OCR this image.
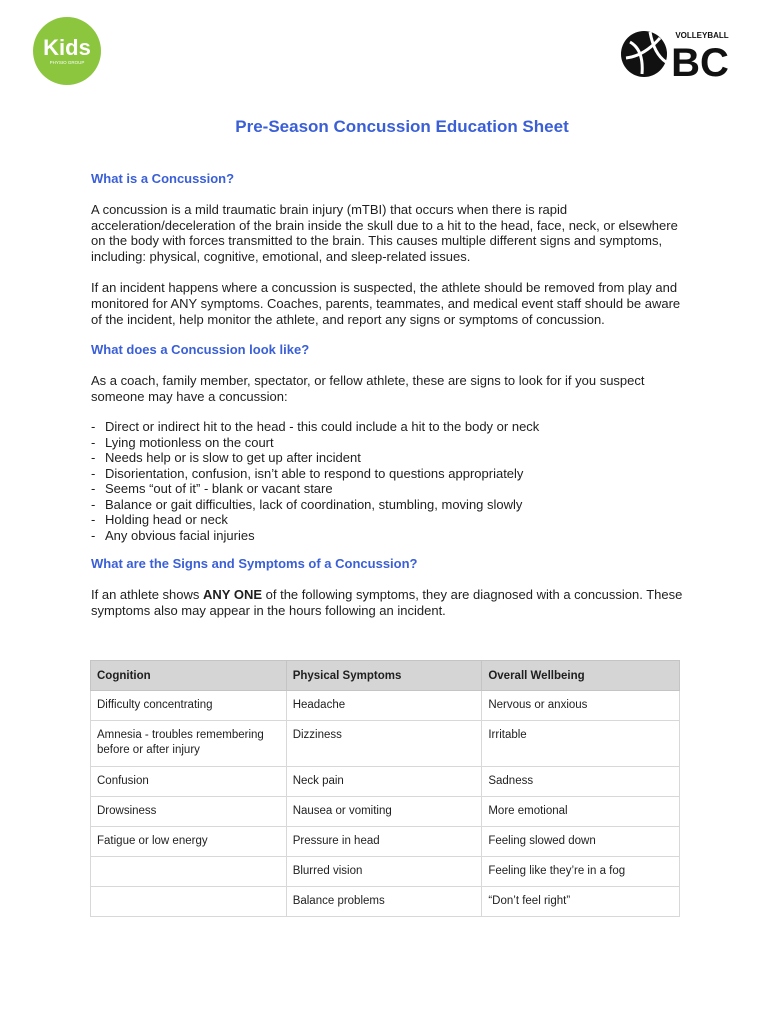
Kids
PHYSIO GROUP
VOLLEYBALL
BC
Pre-Season Concussion Education Sheet
What is a Concussion?

A concussion is a mild traumatic brain injury (mTBI) that occurs when there is rapid acceleration/deceleration of the brain inside the skull due to a hit to the head, face, neck, or elsewhere on the body with forces transmitted to the brain. This causes multiple different signs and symptoms, including: physical, cognitive, emotional, and sleep-related issues.

If an incident happens where a concussion is suspected, the athlete should be removed from play and monitored for ANY symptoms. Coaches, parents, teammates, and medical event staff should be aware of the incident, help monitor the athlete, and report any signs or symptoms of concussion.

What does a Concussion look like?

As a coach, family member, spectator, or fellow athlete, these are signs to look for if you suspect someone may have a concussion:

- Direct or indirect hit to the head - this could include a hit to the body or neck
- Lying motionless on the court
- Needs help or is slow to get up after incident
- Disorientation, confusion, isn’t able to respond to questions appropriately
- Seems “out of it” - blank or vacant stare
- Balance or gait difficulties, lack of coordination, stumbling, moving slowly
- Holding head or neck
- Any obvious facial injuries
What are the Signs and Symptoms of a Concussion?

If an athlete shows ANY ONE of the following symptoms, they are diagnosed with a concussion. These symptoms also may appear in the hours following an incident.

Cognition	Physical Symptoms	Overall Wellbeing
Difficulty concentrating	Headache	Nervous or anxious
Amnesia - troubles remembering before or after injury	Dizziness	Irritable
Confusion	Neck pain	Sadness
Drowsiness	Nausea or vomiting	More emotional
Fatigue or low energy	Pressure in head	Feeling slowed down
	Blurred vision	Feeling like they’re in a fog
	Balance problems	“Don’t feel right”
